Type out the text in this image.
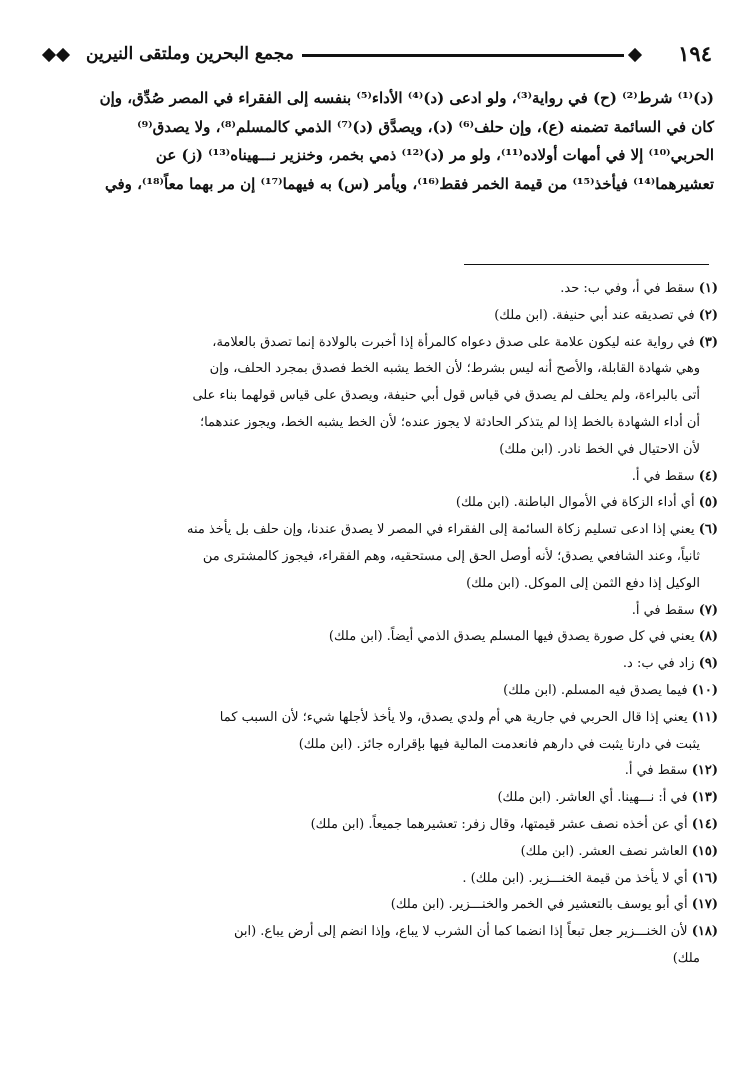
١٩٤
مجمع البحرين وملتقى النيرين
(د)⁽¹⁾ شرط⁽²⁾ (ح) في رواية⁽³⁾، ولو ادعى (د)⁽⁴⁾ الأداء⁽⁵⁾ بنفسه إلى الفقراء في المصر صُدِّق، وإن
كان في السائمة تضمنه (ع)، وإن حلف⁽⁶⁾ (د)، ويصدَّق (د)⁽⁷⁾ الذمي كالمسلم⁽⁸⁾، ولا يصدق⁽⁹⁾
الحربي⁽¹⁰⁾ إلا في أمهات أولاده⁽¹¹⁾، ولو مر (د)⁽¹²⁾ ذمي بخمر، وخنزير نـــهيناه⁽¹³⁾ (ز) عن
تعشيرهما⁽¹⁴⁾ فيأخذ⁽¹⁵⁾ من قيمة الخمر فقط⁽¹⁶⁾، ويأمر (س) به فيهما⁽¹⁷⁾ إن مر بهما معاً⁽¹⁸⁾، وفي
(١) سقط في أ، وفي ب: حد.
(٢) في تصديقه عند أبي حنيفة. (ابن ملك)
(٣) في رواية عنه ليكون علامة على صدق دعواه كالمرأة إذا أخبرت بالولادة إنما تصدق بالعلامة،
وهي شهادة القابلة، والأصح أنه ليس بشرط؛ لأن الخط يشبه الخط فصدق بمجرد الحلف، وإن
أتى بالبراءة، ولم يحلف لم يصدق في قياس قول أبي حنيفة، ويصدق على قياس قولهما بناء على
أن أداء الشهادة بالخط إذا لم يتذكر الحادثة لا يجوز عنده؛ لأن الخط يشبه الخط، ويجوز عندهما؛
لأن الاحتيال في الخط نادر. (ابن ملك)
(٤) سقط في أ.
(٥) أي أداء الزكاة في الأموال الباطنة. (ابن ملك)
(٦) يعني إذا ادعى تسليم زكاة السائمة إلى الفقراء في المصر لا يصدق عندنا، وإن حلف بل يأخذ منه
ثانياً، وعند الشافعي يصدق؛ لأنه أوصل الحق إلى مستحقيه، وهم الفقراء، فيجوز كالمشترى من
الوكيل إذا دفع الثمن إلى الموكل. (ابن ملك)
(٧) سقط في أ.
(٨) يعني في كل صورة يصدق فيها المسلم يصدق الذمي أيضاً. (ابن ملك)
(٩) زاد في ب: د.
(١٠) فيما يصدق فيه المسلم. (ابن ملك)
(١١) يعني إذا قال الحربي في جارية هي أم ولدي يصدق، ولا يأخذ لأجلها شيء؛ لأن السبب كما
يثبت في دارنا يثبت في دارهم فانعدمت المالية فيها بإقراره جائز. (ابن ملك)
(١٢) سقط في أ.
(١٣) في أ: نـــهينا. أي العاشر. (ابن ملك)
(١٤) أي عن أخذه نصف عشر قيمتها، وقال زفر: تعشيرهما جميعاً. (ابن ملك)
(١٥) العاشر نصف العشر. (ابن ملك)
(١٦) أي لا يأخذ من قيمة الخنـــزير. (ابن ملك) .
(١٧) أي أبو يوسف بالتعشير في الخمر والخنـــزير. (ابن ملك)
(١٨) لأن الخنـــزير جعل تبعاً إذا انضما كما أن الشرب لا يباع، وإذا انضم إلى أرض يباع. (ابن
ملك)
